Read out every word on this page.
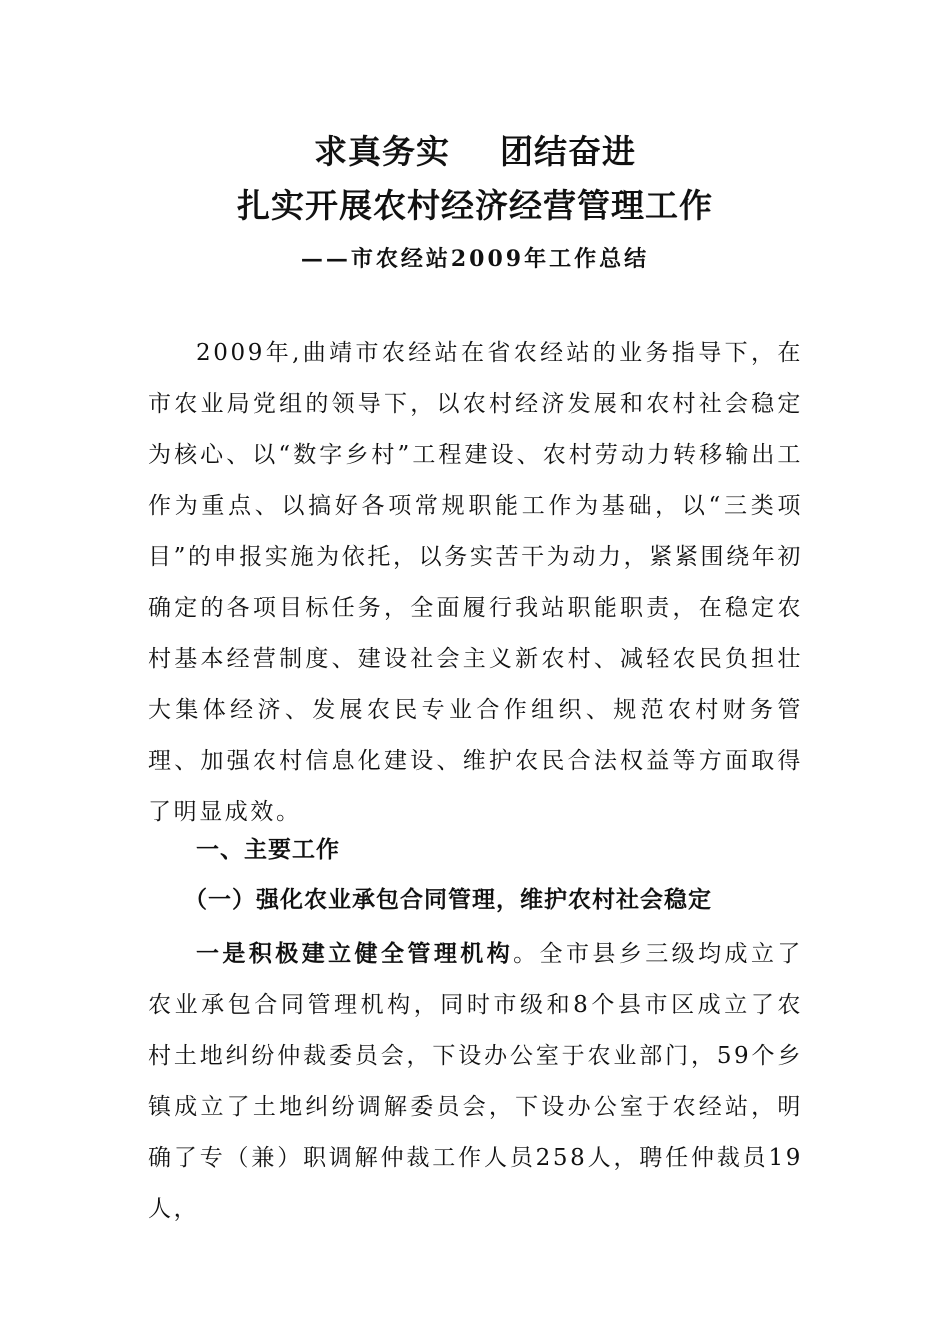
求真务实    团结奋进
扎实开展农村经济经营管理工作
——市农经站2009年工作总结

2009年,曲靖市农经站在省农经站的业务指导下，在市农业局党组的领导下，以农村经济发展和农村社会稳定为核心、以“数字乡村”工程建设、农村劳动力转移输出工作为重点、以搞好各项常规职能工作为基础，以“三类项目”的申报实施为依托，以务实苦干为动力，紧紧围绕年初确定的各项目标任务，全面履行我站职能职责，在稳定农村基本经营制度、建设社会主义新农村、减轻农民负担壮大集体经济、发展农民专业合作组织、规范农村财务管理、加强农村信息化建设、维护农民合法权益等方面取得了明显成效。

一、主要工作
（一）强化农业承包合同管理，维护农村社会稳定

一是积极建立健全管理机构。全市县乡三级均成立了农业承包合同管理机构，同时市级和8个县市区成立了农村土地纠纷仲裁委员会，下设办公室于农业部门，59个乡镇成立了土地纠纷调解委员会，下设办公室于农经站，明确了专（兼）职调解仲裁工作人员258人，聘任仲裁员19人，
